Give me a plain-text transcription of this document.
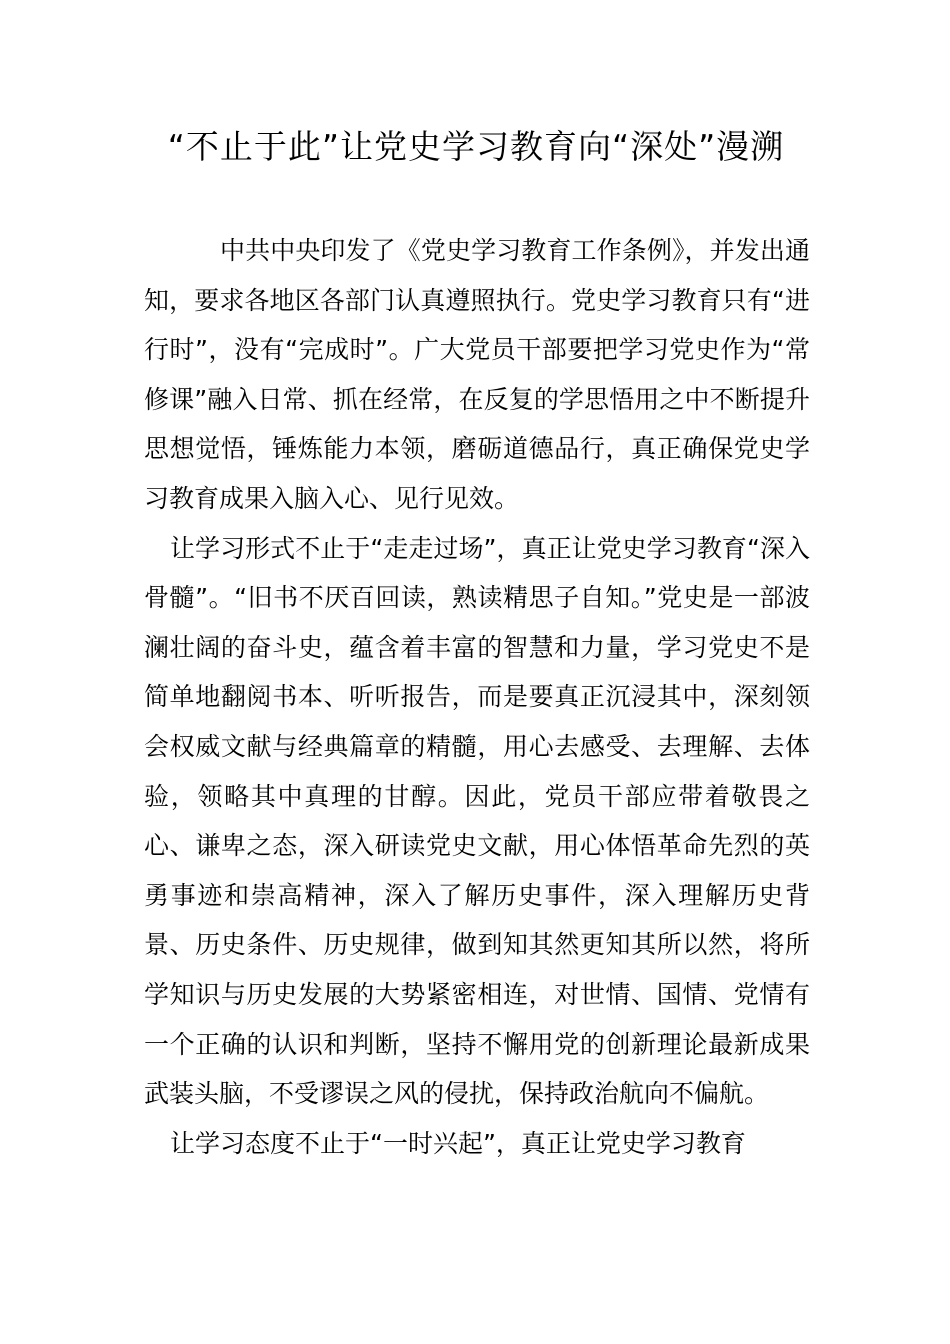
“不止于此”让党史学习教育向“深处”漫溯

中共中央印发了《党史学习教育工作条例》，并发出通知，要求各地区各部门认真遵照执行。党史学习教育只有“进行时”，没有“完成时”。广大党员干部要把学习党史作为“常修课”融入日常、抓在经常，在反复的学思悟用之中不断提升思想觉悟，锤炼能力本领，磨砺道德品行，真正确保党史学习教育成果入脑入心、见行见效。

让学习形式不止于“走走过场”，真正让党史学习教育“深入骨髓”。“旧书不厌百回读，熟读精思子自知。”党史是一部波澜壮阔的奋斗史，蕴含着丰富的智慧和力量，学习党史不是简单地翻阅书本、听听报告，而是要真正沉浸其中，深刻领会权威文献与经典篇章的精髓，用心去感受、去理解、去体验，领略其中真理的甘醇。因此，党员干部应带着敬畏之心、谦卑之态，深入研读党史文献，用心体悟革命先烈的英勇事迹和崇高精神，深入了解历史事件，深入理解历史背景、历史条件、历史规律，做到知其然更知其所以然，将所学知识与历史发展的大势紧密相连，对世情、国情、党情有一个正确的认识和判断，坚持不懈用党的创新理论最新成果武装头脑，不受谬误之风的侵扰，保持政治航向不偏航。

让学习态度不止于“一时兴起”，真正让党史学习教育
